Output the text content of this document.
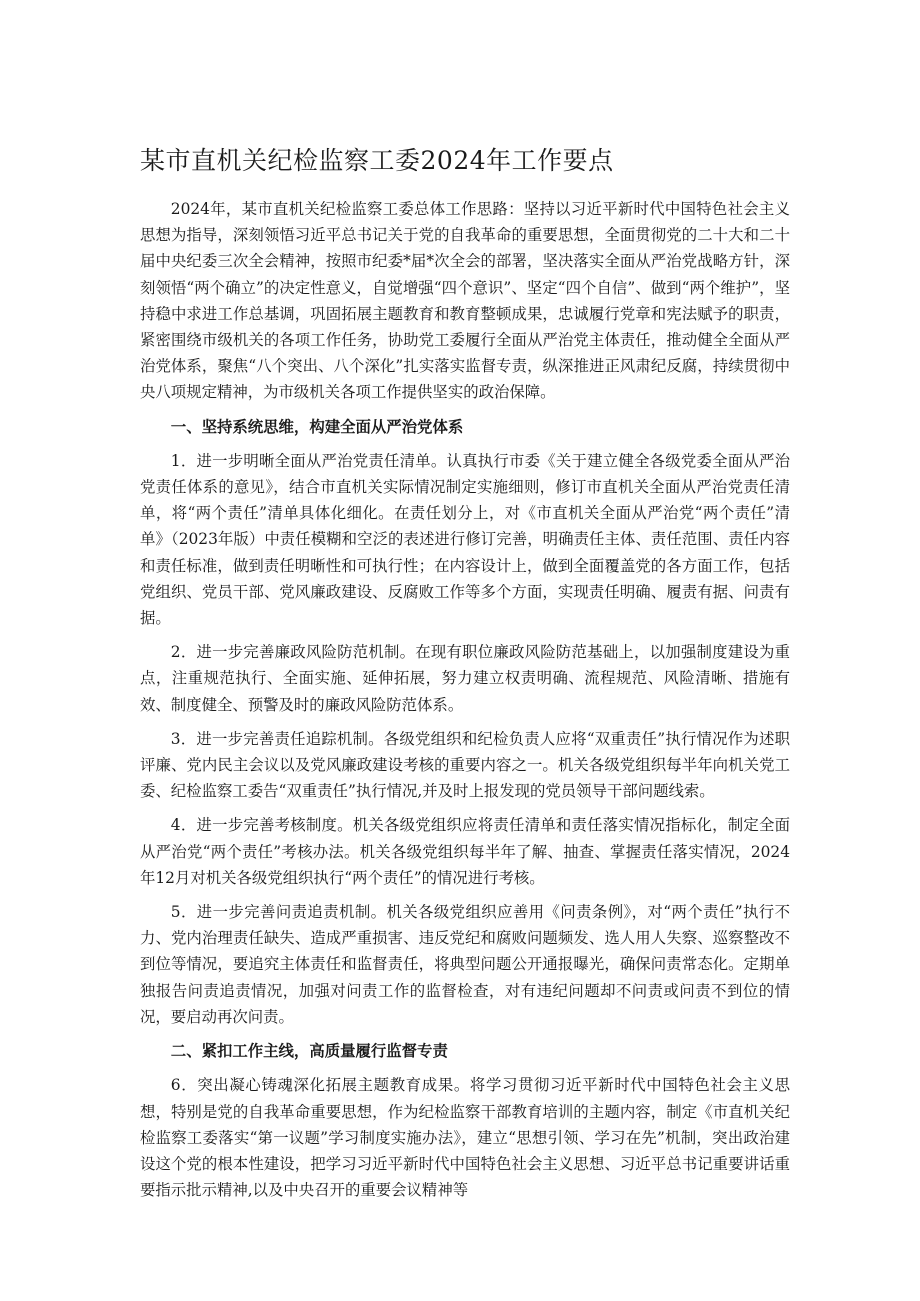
某市直机关纪检监察工委2024年工作要点

2024年，某市直机关纪检监察工委总体工作思路：坚持以习近平新时代中国特色社会主义思想为指导，深刻领悟习近平总书记关于党的自我革命的重要思想，全面贯彻党的二十大和二十届中央纪委三次全会精神，按照市纪委*届*次全会的部署，坚决落实全面从严治党战略方针，深刻领悟“两个确立”的决定性意义，自觉增强“四个意识”、坚定“四个自信”、做到“两个维护”，坚持稳中求进工作总基调，巩固拓展主题教育和教育整顿成果，忠诚履行党章和宪法赋予的职责，紧密围绕市级机关的各项工作任务，协助党工委履行全面从严治党主体责任，推动健全全面从严治党体系，聚焦“八个突出、八个深化”扎实落实监督专责，纵深推进正风肃纪反腐，持续贯彻中央八项规定精神，为市级机关各项工作提供坚实的政治保障。

一、坚持系统思维，构建全面从严治党体系

1．进一步明晰全面从严治党责任清单。认真执行市委《关于建立健全各级党委全面从严治党责任体系的意见》，结合市直机关实际情况制定实施细则，修订市直机关全面从严治党责任清单，将“两个责任”清单具体化细化。在责任划分上，对《市直机关全面从严治党“两个责任”清单》（2023年版）中责任模糊和空泛的表述进行修订完善，明确责任主体、责任范围、责任内容和责任标准，做到责任明晰性和可执行性；在内容设计上，做到全面覆盖党的各方面工作，包括党组织、党员干部、党风廉政建设、反腐败工作等多个方面，实现责任明确、履责有据、问责有据。

2．进一步完善廉政风险防范机制。在现有职位廉政风险防范基础上，以加强制度建设为重点，注重规范执行、全面实施、延伸拓展，努力建立权责明确、流程规范、风险清晰、措施有效、制度健全、预警及时的廉政风险防范体系。

3．进一步完善责任追踪机制。各级党组织和纪检负责人应将“双重责任”执行情况作为述职评廉、党内民主会议以及党风廉政建设考核的重要内容之一。机关各级党组织每半年向机关党工委、纪检监察工委告“双重责任”执行情况,并及时上报发现的党员领导干部问题线索。

4．进一步完善考核制度。机关各级党组织应将责任清单和责任落实情况指标化，制定全面从严治党“两个责任”考核办法。机关各级党组织每半年了解、抽查、掌握责任落实情况，2024年12月对机关各级党组织执行“两个责任”的情况进行考核。

5．进一步完善问责追责机制。机关各级党组织应善用《问责条例》，对“两个责任”执行不力、党内治理责任缺失、造成严重损害、违反党纪和腐败问题频发、选人用人失察、巡察整改不到位等情况，要追究主体责任和监督责任，将典型问题公开通报曝光，确保问责常态化。定期单独报告问责追责情况，加强对问责工作的监督检查，对有违纪问题却不问责或问责不到位的情况，要启动再次问责。

二、紧扣工作主线，高质量履行监督专责

6．突出凝心铸魂深化拓展主题教育成果。将学习贯彻习近平新时代中国特色社会主义思想，特别是党的自我革命重要思想，作为纪检监察干部教育培训的主题内容，制定《市直机关纪检监察工委落实“第一议题”学习制度实施办法》，建立“思想引领、学习在先”机制，突出政治建设这个党的根本性建设，把学习习近平新时代中国特色社会主义思想、习近平总书记重要讲话重要指示批示精神,以及中央召开的重要会议精神等
